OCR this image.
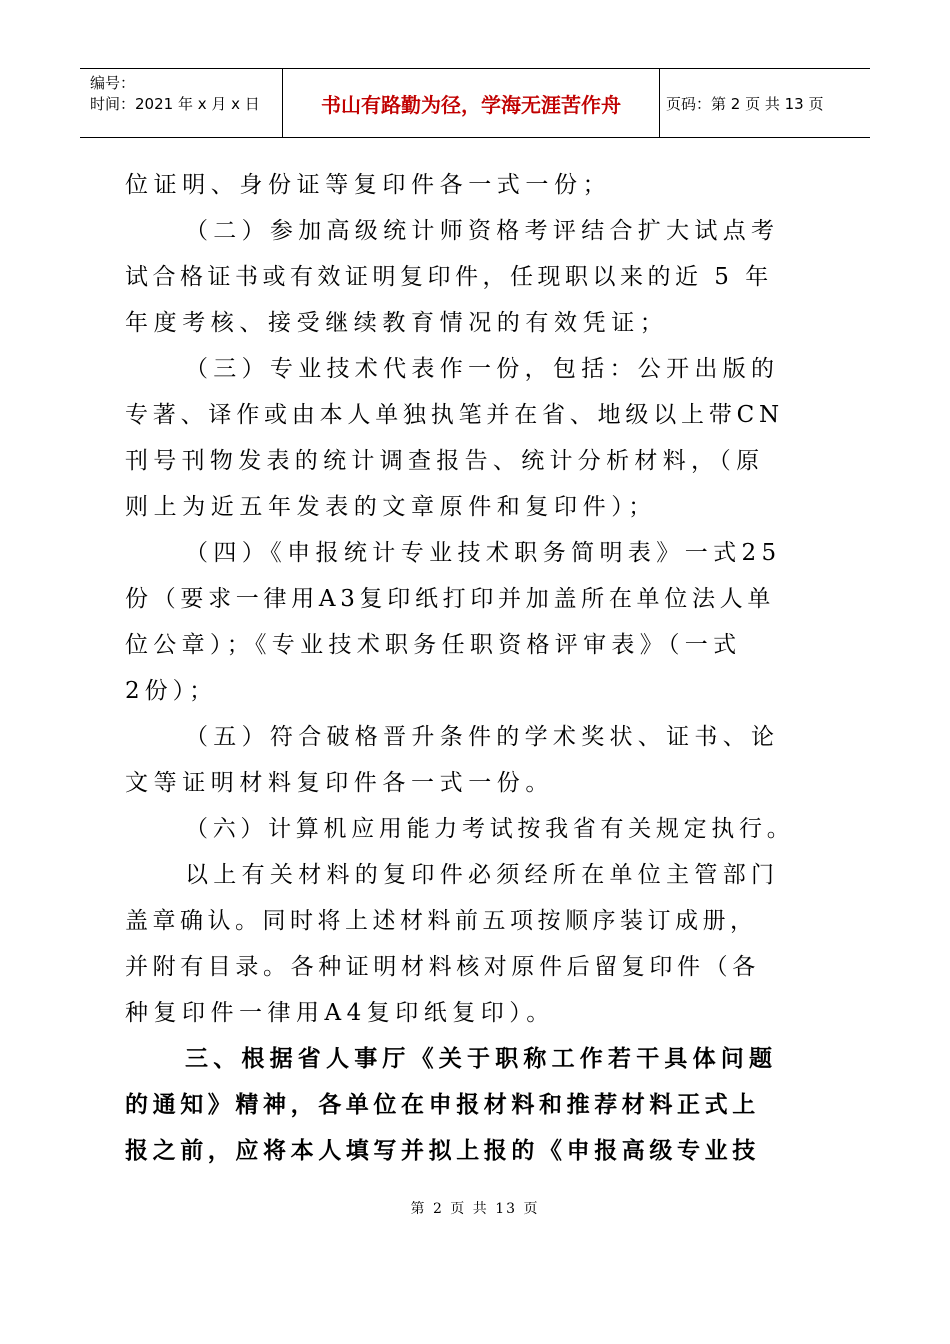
编号：
时间：2021 年 x 月 x 日	书山有路勤为径，学海无涯苦作舟	页码：第 2 页 共 13 页
位证明、身份证等复印件各一式一份；
（二）参加高级统计师资格考评结合扩大试点考
试合格证书或有效证明复印件，任现职以来的近 5 年
年度考核、接受继续教育情况的有效凭证；
（三）专业技术代表作一份，包括：公开出版的
专著、译作或由本人单独执笔并在省、地级以上带CN
刊号刊物发表的统计调查报告、统计分析材料，（原
则上为近五年发表的文章原件和复印件）；
（四）《申报统计专业技术职务简明表》一式25
份（要求一律用A3复印纸打印并加盖所在单位法人单
位公章）；《专业技术职务任职资格评审表》（一式
2份）；
（五）符合破格晋升条件的学术奖状、证书、论
文等证明材料复印件各一式一份。
（六）计算机应用能力考试按我省有关规定执行。
以上有关材料的复印件必须经所在单位主管部门
盖章确认。同时将上述材料前五项按顺序装订成册，
并附有目录。各种证明材料核对原件后留复印件（各
种复印件一律用A4复印纸复印）。
三、根据省人事厅《关于职称工作若干具体问题
的通知》精神，各单位在申报材料和推荐材料正式上
报之前，应将本人填写并拟上报的《申报高级专业技
第 2 页 共 13 页
